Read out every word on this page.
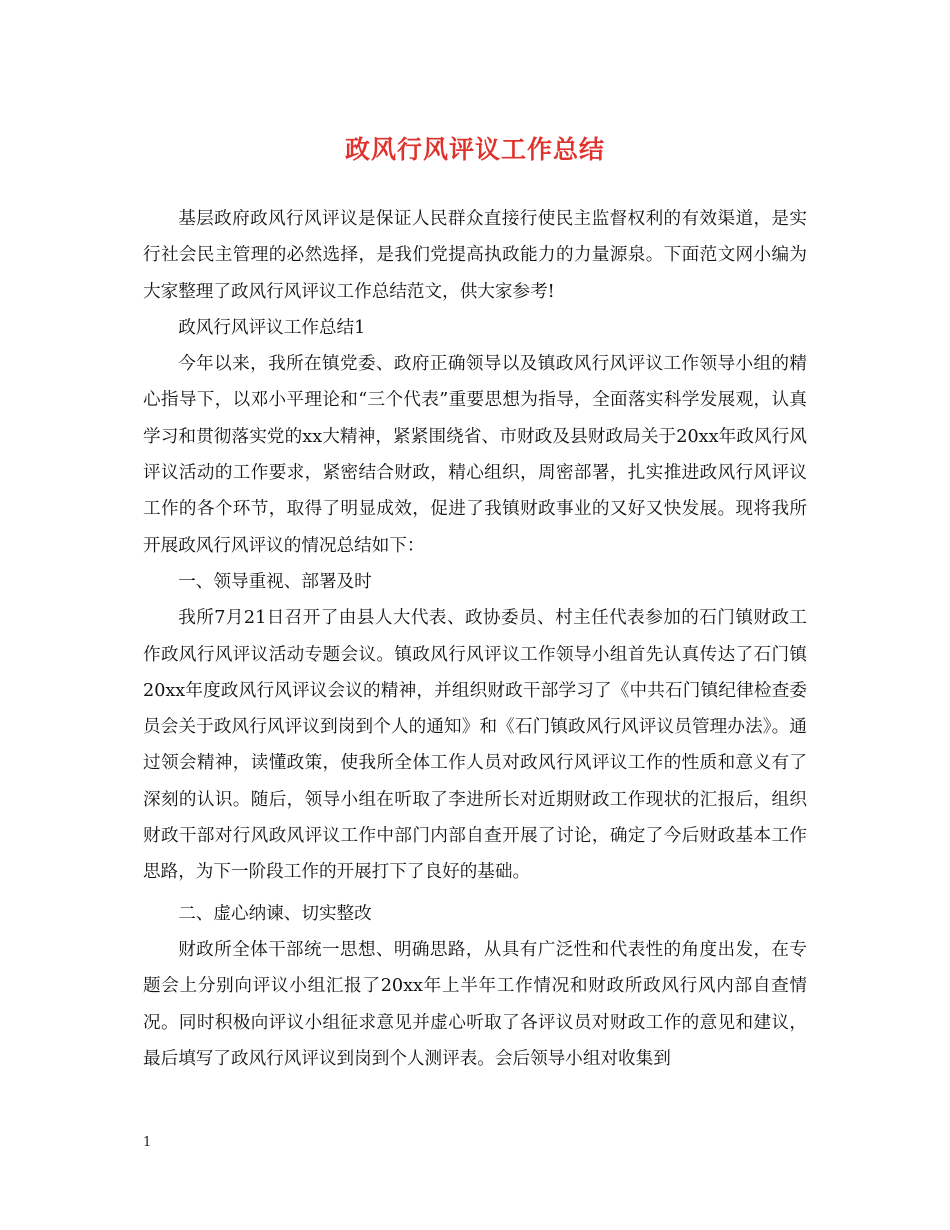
政风行风评议工作总结

基层政府政风行风评议是保证人民群众直接行使民主监督权利的有效渠道，是实行社会民主管理的必然选择，是我们党提高执政能力的力量源泉。下面范文网小编为大家整理了政风行风评议工作总结范文，供大家参考!

政风行风评议工作总结1

今年以来，我所在镇党委、政府正确领导以及镇政风行风评议工作领导小组的精心指导下，以邓小平理论和“三个代表”重要思想为指导，全面落实科学发展观，认真学习和贯彻落实党的xx大精神，紧紧围绕省、市财政及县财政局关于20xx年政风行风评议活动的工作要求，紧密结合财政，精心组织，周密部署，扎实推进政风行风评议工作的各个环节，取得了明显成效，促进了我镇财政事业的又好又快发展。现将我所开展政风行风评议的情况总结如下：

一、领导重视、部署及时

我所7月21日召开了由县人大代表、政协委员、村主任代表参加的石门镇财政工作政风行风评议活动专题会议。镇政风行风评议工作领导小组首先认真传达了石门镇20xx年度政风行风评议会议的精神，并组织财政干部学习了《中共石门镇纪律检查委员会关于政风行风评议到岗到个人的通知》和《石门镇政风行风评议员管理办法》。通过领会精神，读懂政策，使我所全体工作人员对政风行风评议工作的性质和意义有了深刻的认识。随后，领导小组在听取了李进所长对近期财政工作现状的汇报后，组织财政干部对行风政风评议工作中部门内部自查开展了讨论，确定了今后财政基本工作思路，为下一阶段工作的开展打下了良好的基础。

二、虚心纳谏、切实整改

财政所全体干部统一思想、明确思路，从具有广泛性和代表性的角度出发，在专题会上分别向评议小组汇报了20xx年上半年工作情况和财政所政风行风内部自查情况。同时积极向评议小组征求意见并虚心听取了各评议员对财政工作的意见和建议，最后填写了政风行风评议到岗到个人测评表。会后领导小组对收集到

1
